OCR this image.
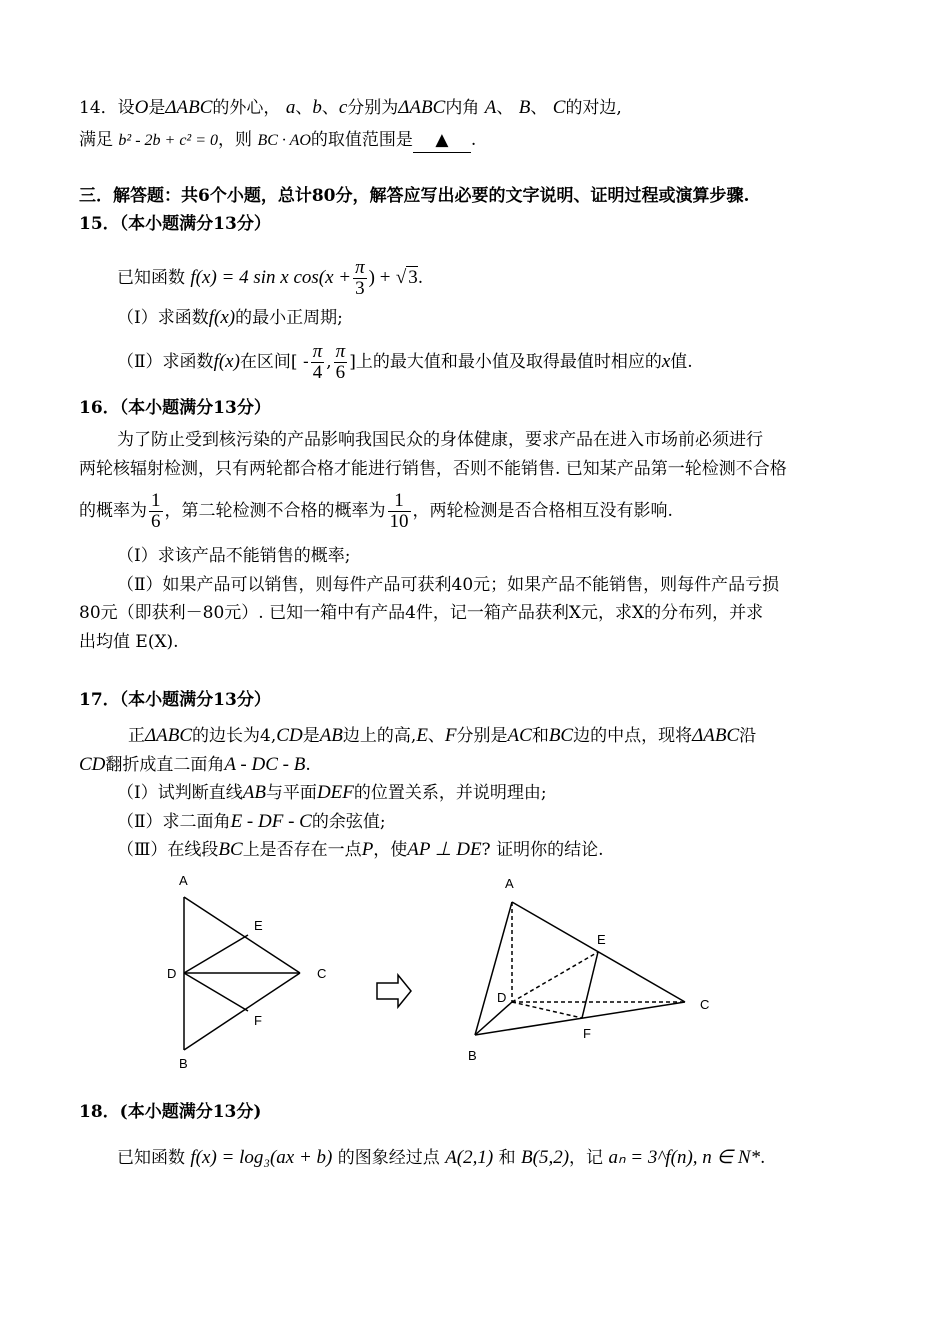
14．设O是ΔABC的外心， a、b、c分别为ΔABC内角 A、 B、 C的对边,
满足 b² - 2b + c² = 0，则 BC · AO的取值范围是 ▲ .
三．解答题：共6个小题，总计80分，解答应写出必要的文字说明、证明过程或演算步骤.
15．（本小题满分13分）
已知函数 f(x) = 4 sin x $\cos(x + \frac{\pi}{3}$ ) + √ 3.
（Ⅰ）求函数f(x)的最小正周期;
（Ⅱ）求函数f(x)在区间[ - $\frac{\pi}{4}$ , $\frac{\pi}{6}$ ]上的最大值和最小值及取得最值时相应的x值.
16．（本小题满分13分）
为了防止受到核污染的产品影响我国民众的身体健康，要求产品在进入市场前必须进行
两轮核辐射检测，只有两轮都合格才能进行销售，否则不能销售. 已知某产品第一轮检测不合格
的概率为 $\frac{1}{6}$ ，第二轮检测不合格的概率为 $\frac{1}{10}$ ，两轮检测是否合格相互没有影响.
（Ⅰ）求该产品不能销售的概率;
（Ⅱ）如果产品可以销售，则每件产品可获利40元；如果产品不能销售，则每件产品亏损
80元（即获利－80元）. 已知一箱中有产品4件，记一箱产品获利X元，求X的分布列，并求
出均值 E(X).
17．（本小题满分13分）
正ΔABC的边长为4,CD是AB边上的高,E、F分别是AC和BC边的中点，现将ΔABC沿
CD翻折成直二面角A - DC - B.
（Ⅰ）试判断直线AB与平面DEF的位置关系，并说明理由;
（Ⅱ）求二面角E - DF - C的余弦值;
（Ⅲ）在线段BC上是否存在一点P，使AP ⊥ DE? 证明你的结论.
A
E
D	C
F
B
A
E
D	C
F
B
18．(本小题满分13分)
已知函数 f(x) = log₃(ax + b) 的图象经过点 A(2,1) 和 B(5,2)，记 aₙ = 3^f(n), n ∈ N*.
